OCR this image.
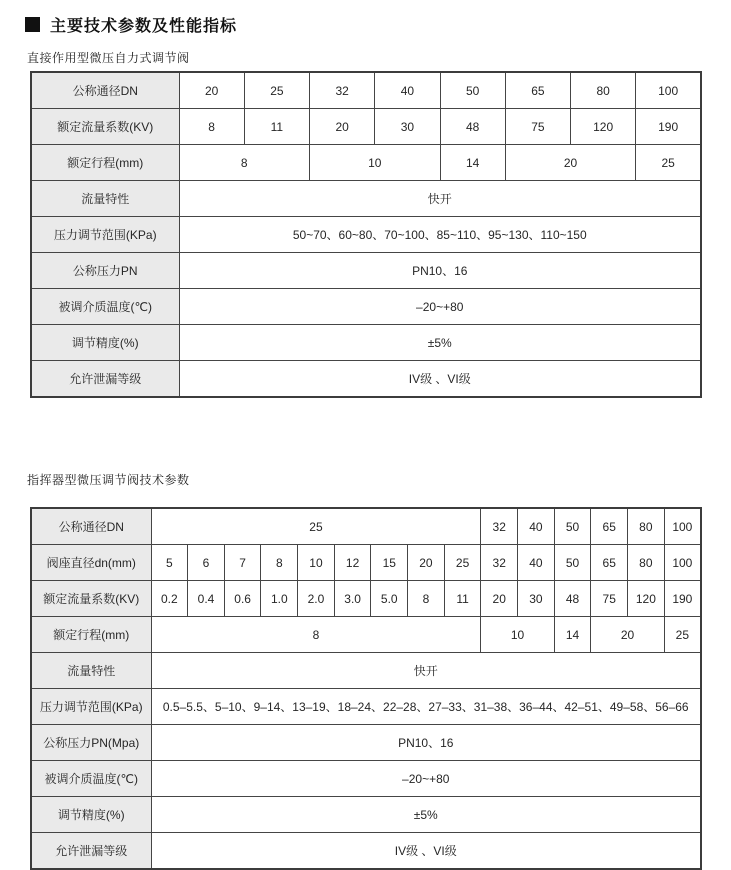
主要技术参数及性能指标
直接作用型微压自力式调节阀
公称通径DN	20	25	32	40	50	65	80	100
额定流量系数(KV)	8	11	20	30	48	75	120	190
额定行程(mm)	8		10		14	20		25
流量特性	快开							
压力调节范围(KPa)	50~70、60~80、70~100、85~110、95~130、110~150							
公称压力PN	PN10、16							
被调介质温度(℃)	–20~+80							
调节精度(%)	±5%							
允许泄漏等级	IV级 、VI级							
指挥器型微压调节阀技术参数
公称通径DN	25									32	40	50	65	80	100
阀座直径dn(mm)	5	6	7	8	10	12	15	20	25	32	40	50	65	80	100
额定流量系数(KV)	0.2	0.4	0.6	1.0	2.0	3.0	5.0	8	11	20	30	48	75	120	190
额定行程(mm)	8									10		14	20		25
流量特性	快开														
压力调节范围(KPa)	0.5–5.5、5–10、9–14、13–19、18–24、22–28、27–33、31–38、36–44、42–51、49–58、56–66														
公称压力PN(Mpa)	PN10、16														
被调介质温度(℃)	–20~+80														
调节精度(%)	±5%														
允许泄漏等级	IV级 、VI级														
